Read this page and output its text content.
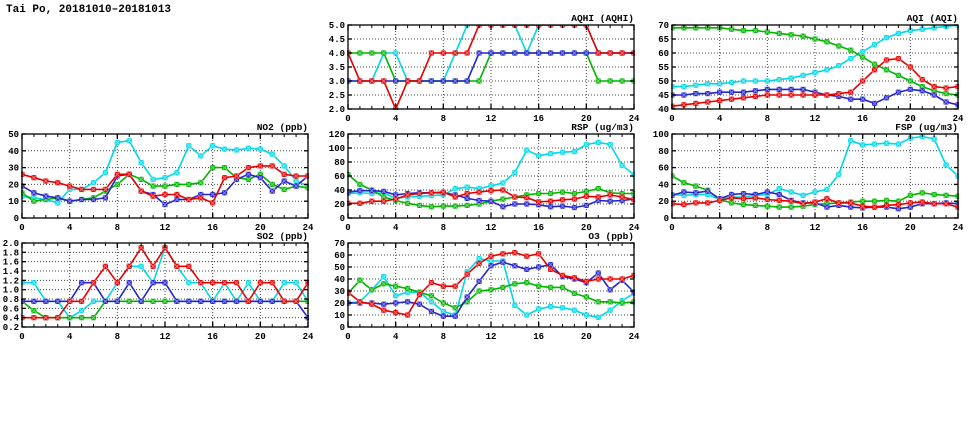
Tai Po, 20181010–20181013
0	4	8	12	16	20	24
2.0
2.5
3.0
3.5
4.0
4.5
5.0
AQHI (AQHI)
0	4	8	12	16	20	24
40
45
50
55
60
65
70
AQI (AQI)
0	4	8	12	16	20	24
0
10
20
30
40
50
NO2 (ppb)
0	4	8	12	16	20	24
0
20
40
60
80
100
120
RSP (ug/m3)
0	4	8	12	16	20	24
0
20
40
60
80
100
FSP (ug/m3)
0	4	8	12	16	20	24
0.2
0.4
0.6
0.8
1.0
1.2
1.4
1.6
1.8
2.0
SO2 (ppb)
0	4	8	12	16	20	24
0
10
20
30
40
50
60
70
O3 (ppb)
